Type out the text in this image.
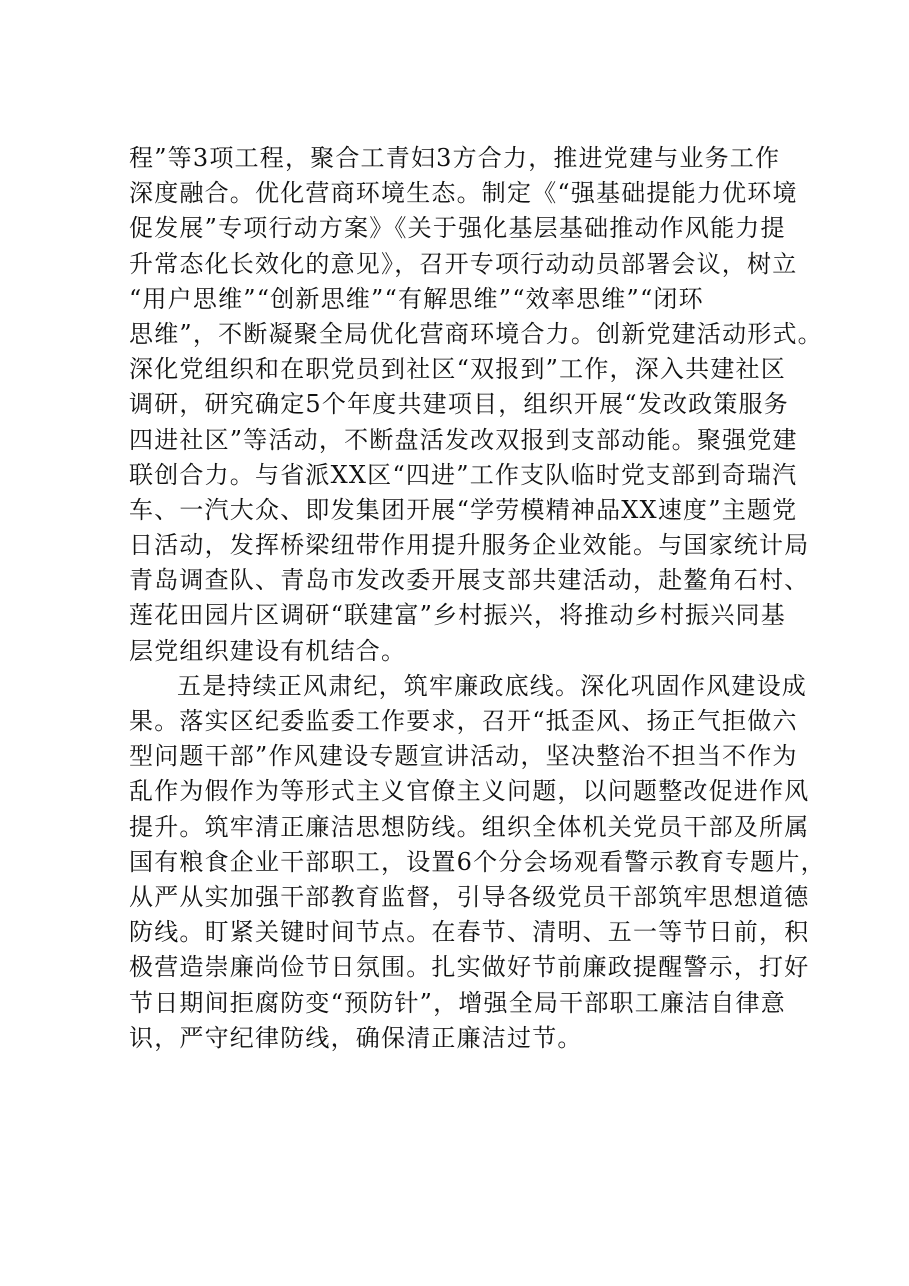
程”等3项工程，聚合工青妇3方合力，推进党建与业务工作
深度融合。优化营商环境生态。制定《“强基础提能力优环境
促发展”专项行动方案》《关于强化基层基础推动作风能力提
升常态化长效化的意见》，召开专项行动动员部署会议，树立
“用户思维”“创新思维”“有解思维”“效率思维”“闭环
思维”，不断凝聚全局优化营商环境合力。创新党建活动形式。
深化党组织和在职党员到社区“双报到”工作，深入共建社区
调研，研究确定5个年度共建项目，组织开展“发改政策服务
四进社区”等活动，不断盘活发改双报到支部动能。聚强党建
联创合力。与省派XX区“四进”工作支队临时党支部到奇瑞汽
车、一汽大众、即发集团开展“学劳模精神品XX速度”主题党
日活动，发挥桥梁纽带作用提升服务企业效能。与国家统计局
青岛调查队、青岛市发改委开展支部共建活动，赴鳌角石村、
莲花田园片区调研“联建富”乡村振兴，将推动乡村振兴同基
层党组织建设有机结合。
五是持续正风肃纪，筑牢廉政底线。深化巩固作风建设成
果。落实区纪委监委工作要求，召开“抵歪风、扬正气拒做六
型问题干部”作风建设专题宣讲活动，坚决整治不担当不作为
乱作为假作为等形式主义官僚主义问题，以问题整改促进作风
提升。筑牢清正廉洁思想防线。组织全体机关党员干部及所属
国有粮食企业干部职工，设置6个分会场观看警示教育专题片，
从严从实加强干部教育监督，引导各级党员干部筑牢思想道德
防线。盯紧关键时间节点。在春节、清明、五一等节日前，积
极营造崇廉尚俭节日氛围。扎实做好节前廉政提醒警示，打好
节日期间拒腐防变“预防针”，增强全局干部职工廉洁自律意
识，严守纪律防线，确保清正廉洁过节。
